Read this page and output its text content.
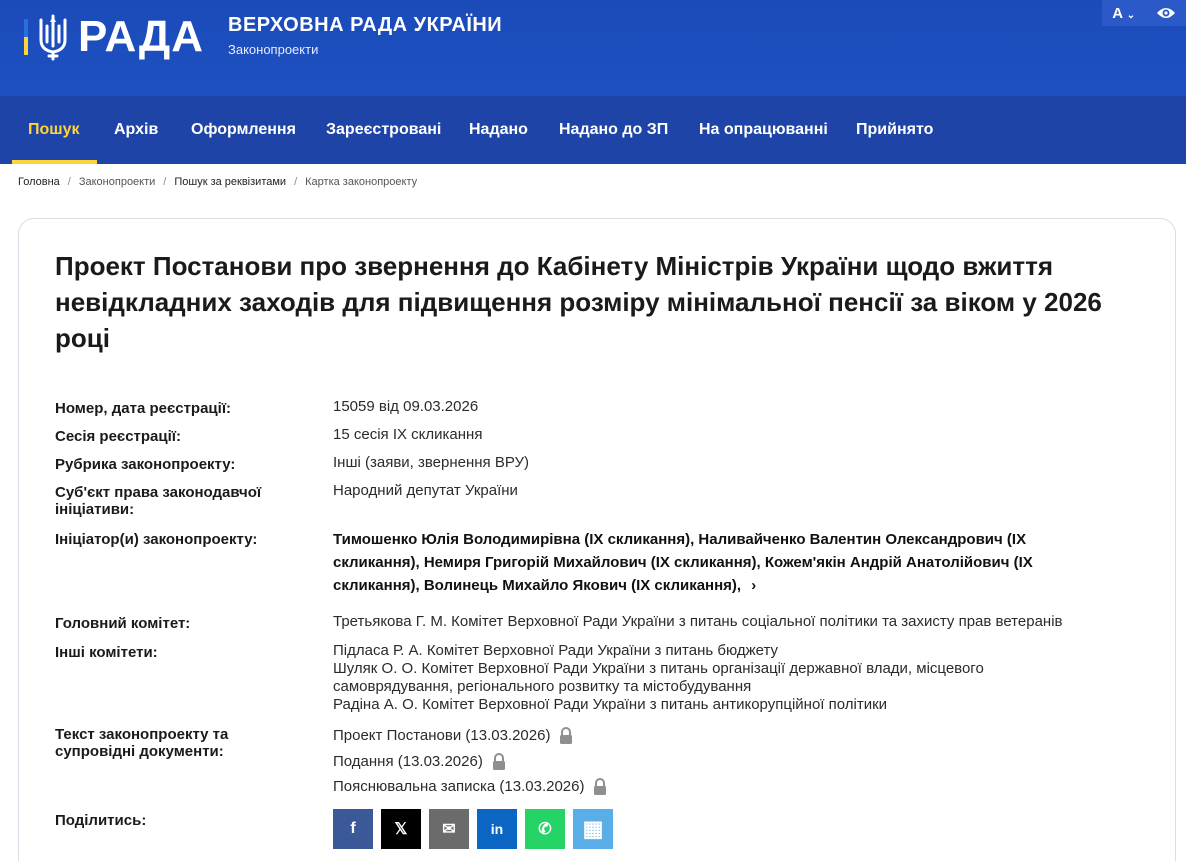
РАДА ВЕРХОВНА РАДА УКРАЇНИ
Законопроекти
A ⌄
Пошук Архів Оформлення Зареєстровані Надано Надано до ЗП На опрацюванні Прийнято
Головна / Законопроекти / Пошук за реквізитами / Картка законопроекту
Проект Постанови про звернення до Кабінету Міністрів України щодо вжиття невідкладних заходів для підвищення розміру мінімальної пенсії за віком у 2026 році
Номер, дата реєстрації:	15059 від 09.03.2026
Сесія реєстрації:	15 сесія IX скликання
Рубрика законопроекту:	Інші (заяви, звернення ВРУ)
Суб'єкт права законодавчої ініціативи:
Народний депутат України
Ініціатор(и) законопроекту:	Тимошенко Юлія Володимирівна (IX скликання), Наливайченко Валентин Олександрович (IX скликання), Немиря Григорій Михайлович (IX скликання), Кожем'якін Андрій Анатолійович (IX скликання), Волинець Михайло Якович (IX скликання), ›
Головний комітет:	Третьякова Г. М. Комітет Верховної Ради України з питань соціальної політики та захисту прав ветеранів
Інші комітети:	Підласа Р. А. Комітет Верховної Ради України з питань бюджету
Шуляк О. О. Комітет Верховної Ради України з питань організації державної влади, місцевого самоврядування, регіонального розвитку та містобудування
Радіна А. О. Комітет Верховної Ради України з питань антикорупційної політики
Текст законопроекту та супровідні документи:
Проект Постанови (13.03.2026)
Подання (13.03.2026)
Пояснювальна записка (13.03.2026)
Поділитись:	f 𝕏 ✉	in ✆ ▦
